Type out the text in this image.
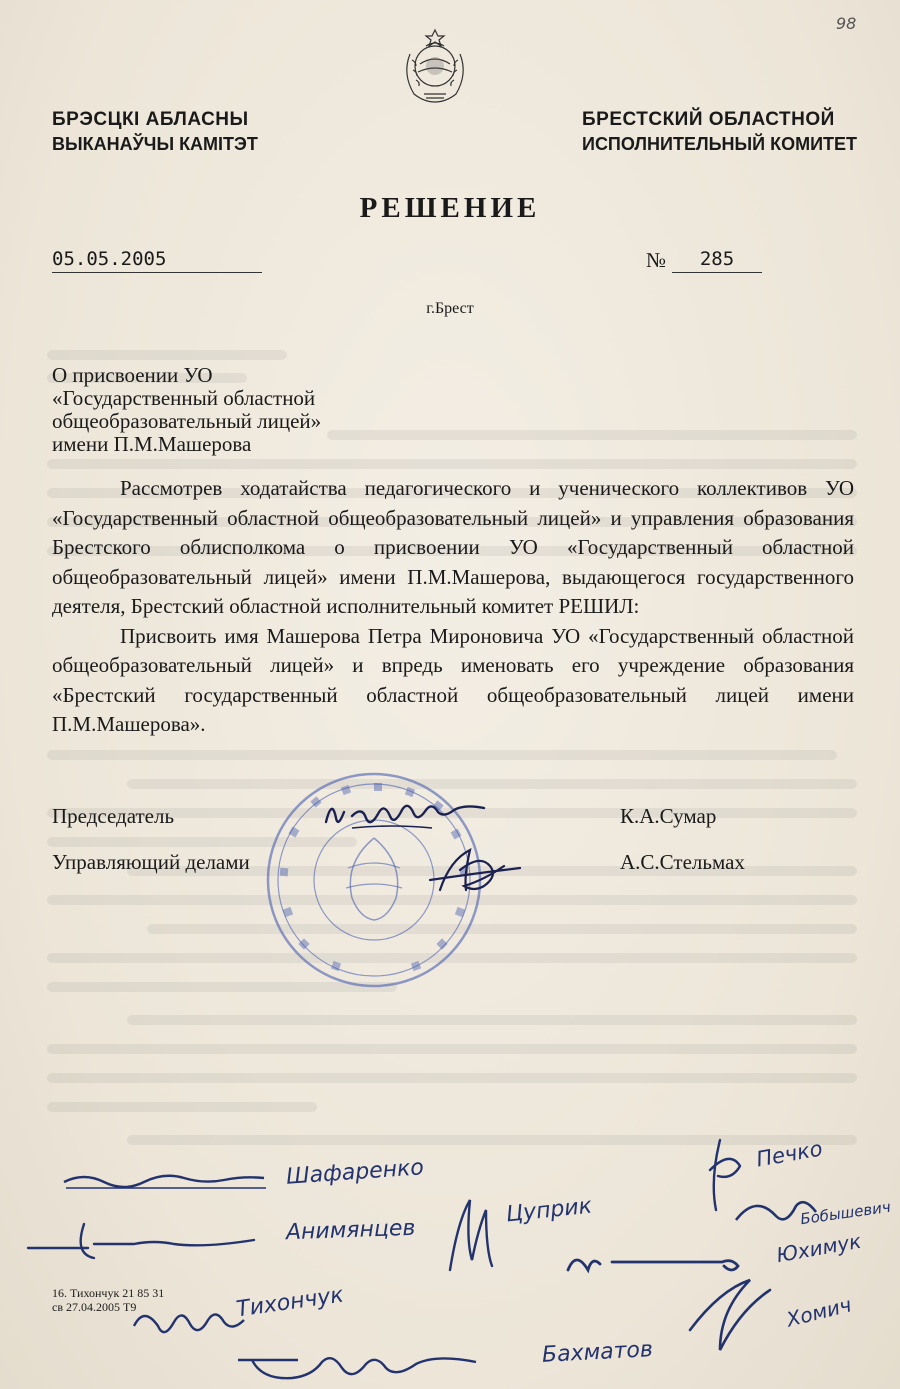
98
БРЭСЦКІ АБЛАСНЫ
ВЫКАНАЎЧЫ КАМІТЭТ
БРЕСТСКИЙ ОБЛАСТНОЙ
ИСПОЛНИТЕЛЬНЫЙ КОМИТЕТ
РЕШЕНИЕ
05.05.2005	№	285
г.Брест
О присвоении УО
«Государственный областной
общеобразовательный лицей»
имени П.М.Машерова

Рассмотрев ходатайства педагогического и ученического коллективов УО «Государственный областной общеобразовательный лицей» и управления образования Брестского облисполкома о присвоении УО «Государственный областной общеобразовательный лицей» имени П.М.Машерова, выдающегося государственного деятеля, Брестский областной исполнительный комитет РЕШИЛ:

Присвоить имя Машерова Петра Мироновича УО «Государственный областной общеобразовательный лицей» и впредь именовать его учреждение образования «Брестский государственный областной общеобразовательный лицей имени П.М.Машерова».

Председатель	К.А.Сумар
Управляющий делами	А.С.Стельмах
Шафаренко
Анимянцев
Цуприк
Тихончук
Бахматов
Печко
Бобышевич
Юхимук
Хомич
16. Тихончук 21 85 31
св 27.04.2005 Т9
